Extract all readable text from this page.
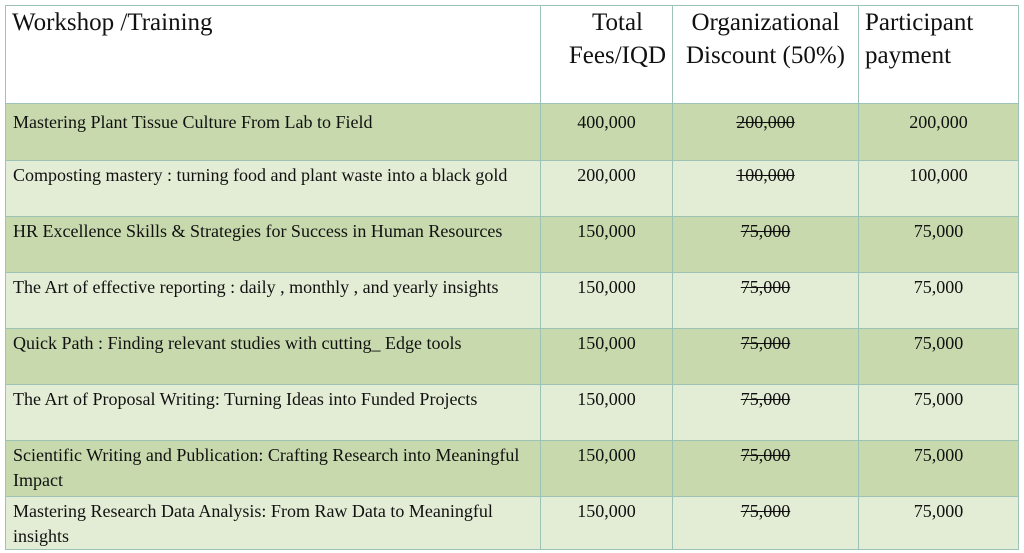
Workshop /Training	Total Fees/IQD	Organizational Discount (50%)	Participant payment
Mastering Plant Tissue Culture From Lab to Field	400,000	200,000	200,000
Composting mastery : turning food and plant waste into a black gold	200,000	100,000	100,000
HR Excellence Skills & Strategies for Success in Human Resources	150,000	75,000	75,000
The Art of effective reporting : daily , monthly , and yearly insights	150,000	75,000	75,000
Quick Path : Finding relevant studies with cutting_ Edge tools	150,000	75,000	75,000
The Art of Proposal Writing: Turning Ideas into Funded Projects	150,000	75,000	75,000
Scientific Writing and Publication: Crafting Research into Meaningful Impact	150,000	75,000	75,000
Mastering Research Data Analysis: From Raw Data to Meaningful insights	150,000	75,000	75,000
